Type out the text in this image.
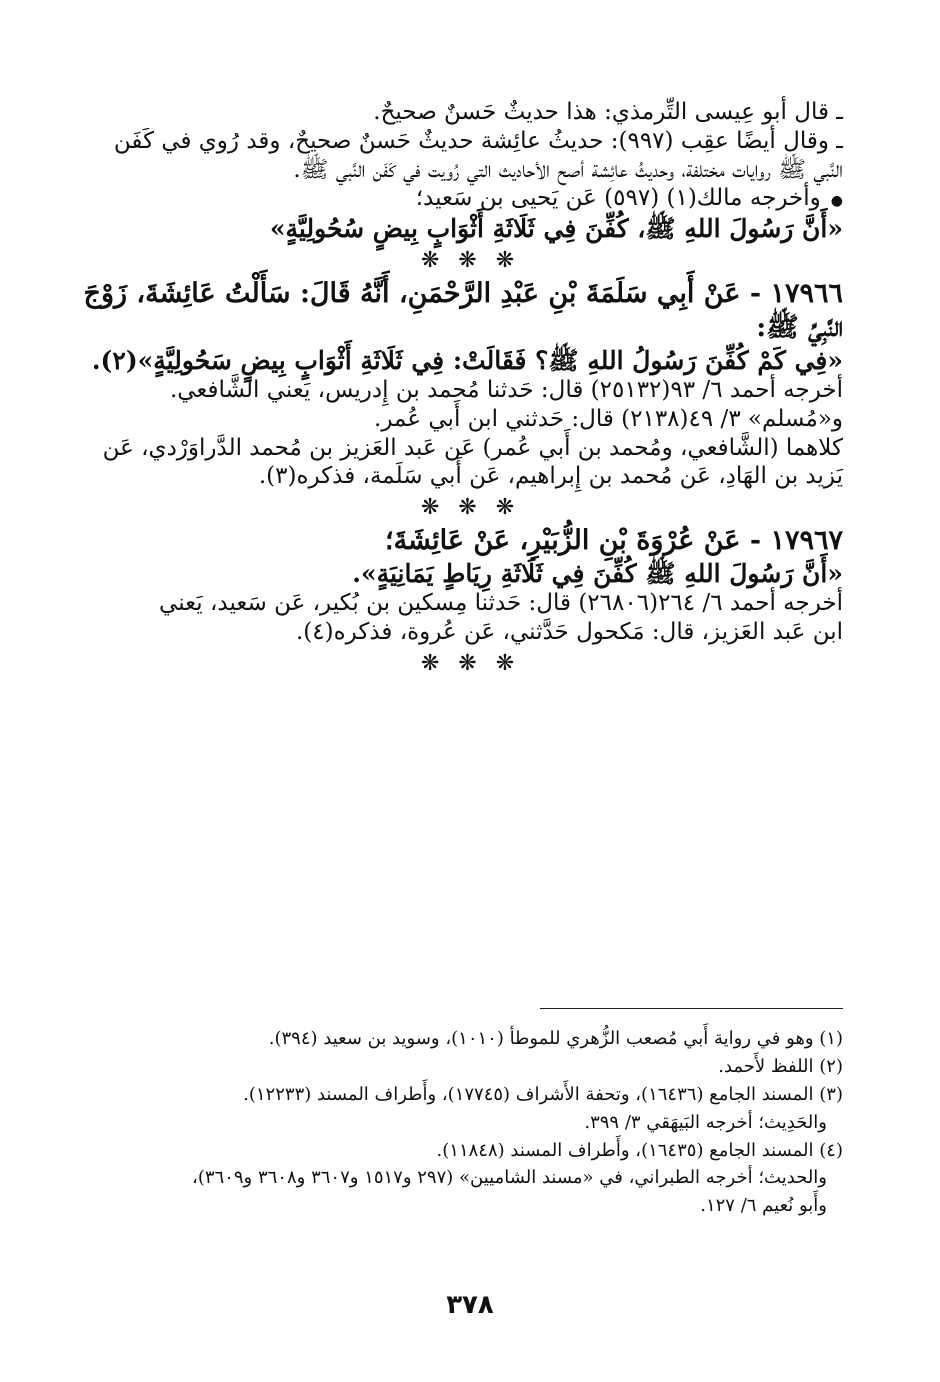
ـ قال أبو عِيسى التِّرمذي: هذا حديثٌ حَسنٌ صحيحٌ.
ـ وقال أيضًا عقِب (٩٩٧): حديثُ عائِشة حديثٌ حَسنٌ صحيحٌ، وقد رُوي في كَفَن
النَّبي ﷺ روايات مختلفة، وحديثُ عائِشة أصح الأحاديث التي رُويت في كَفَن النَّبي ﷺ.
●وأخرجه مالك(١) (٥٩٧) عَن يَحيى بن سَعيد؛
«أَنَّ رَسُولَ اللهِ ﷺ، كُفِّنَ فِي ثَلَاثَةِ أَثْوَابٍ بِيضٍ سُحُولِيَّةٍ»
❋ ❋ ❋
١٧٩٦٦ - عَنْ أَبِي سَلَمَةَ بْنِ عَبْدِ الرَّحْمَنِ، أَنَّهُ قَالَ: سَأَلْتُ عَائِشَةَ، زَوْجَ
النَّبِيِّ ﷺ:
«فِي كَمْ كُفِّنَ رَسُولُ اللهِ ﷺ؟ فَقَالَتْ: فِي ثَلَاثَةِ أَثْوَابٍ بِيضٍ سَحُولِيَّةٍ»(٢).
أخرجه أحمد ٦/ ٩٣(٢٥١٣٢) قال: حَدثنا مُحمد بن إِدريس، يَعني الشَّافعي.
و«مُسلم» ٣/ ٤٩(٢١٣٨) قال: حَدثني ابن أَبي عُمر.
كلاهما (الشَّافعي، ومُحمد بن أَبي عُمر) عَن عَبد العَزيز بن مُحمد الدَّراوَرْدي، عَن
يَزيد بن الهَادِ، عَن مُحمد بن إِبراهيم، عَن أَبي سَلَمة، فذكره(٣).
❋ ❋ ❋
١٧٩٦٧ - عَنْ عُرْوَةَ بْنِ الزُّبَيْرِ، عَنْ عَائِشَةَ؛
«أَنَّ رَسُولَ اللهِ ﷺ كُفِّنَ فِي ثَلَاثَةِ رِيَاطٍ يَمَانِيَةٍ».
أخرجه أحمد ٦/ ٢٦٤(٢٦٨٠٦) قال: حَدثنا مِسكين بن بُكير، عَن سَعيد، يَعني
ابن عَبد العَزيز، قال: مَكحول حَدَّثني، عَن عُروة، فذكره(٤).
❋ ❋ ❋
(١) وهو في رواية أَبي مُصعب الزُّهري للموطأ (١٠١٠)، وسويد بن سعيد (٣٩٤).
(٢) اللفظ لأَحمد.
(٣) المسند الجامع (١٦٤٣٦)، وتحفة الأَشراف (١٧٧٤٥)، وأَطراف المسند (١٢٢٣٣).
والحَدِيث؛ أخرجه البَيهَقي ٣/ ٣٩٩.
(٤) المسند الجامع (١٦٤٣٥)، وأَطراف المسند (١١٨٤٨).
والحديث؛ أخرجه الطبراني، في «مسند الشاميين» (٢٩٧ و١٥١٧ و٣٦٠٧ و٣٦٠٨ و٣٦٠٩)،
وأَبو نُعيم ٦/ ١٢٧.
٣٧٨
